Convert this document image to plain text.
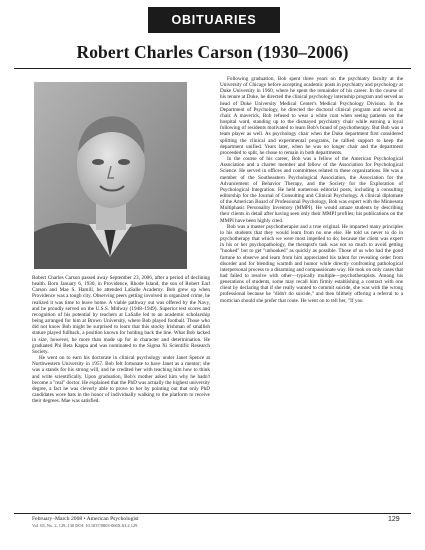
OBITUARIES
Robert Charles Carson (1930–2006)

Robert Charles Carson passed away September 23, 2006, after a period of declining health. Born January 6, 1930, in Providence, Rhode Island, the son of Robert Earl Carson and Mae S. Hamill, he attended LaSalle Academy. Bob grew up when Providence was a tough city. Observing peers getting involved in organized crime, he realized it was time to leave home. A viable pathway out was offered by the Navy, and he proudly served on the U.S.S. Midway (1948–1949). Superior test scores and recognition of his potential by teachers at LaSalle led to an academic scholarship being arranged for him at Brown University, where Bob played football. Those who did not know Bob might be surprised to learn that this stocky Irishman of smallish stature played fullback, a position known for holding back the line. What Bob lacked in size, however, he more than made up for in character and determination. He graduated Phi Beta Kappa and was nominated to the Sigma Xi Scientific Research Society.

He went on to earn his doctorate in clinical psychology under Janet Spence at Northwestern University in 1957. Bob felt fortunate to have Janet as a mentor; she was a stands for his strong will, and he credited her with teaching him how to think and write scientifically. Upon graduation, Bob's mother asked him why he hadn't become a "real" doctor. He explained that the PhD was actually the highest university degree, a fact he was cleverly able to prove to her by pointing out that only PhD candidates wore hats in the honor of individually walking to the platform to receive their degrees. Mae was satisfied.

Following graduation, Bob spent three years on the psychiatry faculty at the University of Chicago before accepting academic posts in psychiatry and psychology at Duke University in 1960, where he spent the remainder of his career. In the course of his tenure at Duke, he directed the clinical psychology internship program and served as head of Duke University Medical Center's Medical Psychology Division. In the Department of Psychology, he directed the doctoral clinical program and served as chair. A maverick, Bob refused to wear a white coat when seeing patients on the hospital ward, standing up to the dismayed psychiatry chair while earning a loyal following of residents motivated to learn Bob's brand of psychotherapy. But Bob was a team player as well. As psychology chair when the Duke department first considered splitting the clinical and experimental programs, he rallied support to keep the department unified. Years later, when he was no longer chair and the department proceeded to split, he chose to remain in both departments.

In the course of his career, Bob was a fellow of the American Psychological Association and a charter member and fellow of the Association for Psychological Science. He served in offices and committees related to these organizations. He was a member of the Southeastern Psychological Association, the Association for the Advancement of Behavior Therapy, and the Society for the Exploration of Psychological Integration. He held numerous editorial posts, including a consulting editorship for the Journal of Consulting and Clinical Psychology. A clinical diplomate of the American Board of Professional Psychology, Bob was expert with the Minnesota Multiphasic Personality Inventory (MMPI). He would amaze students by describing their clients in detail after having seen only their MMPI profiles; his publications on the MMPI have been highly cited.

Bob was a master psychotherapist and a true original. He imparted many principles to his students that they would learn from no one else. He told us never to do in psychotherapy that which we were most impelled to do; because the client was expert in his or her psychopathology, the therapist's task was not so much to avoid getting "hooked" but to get "unhooked" as quickly as possible. Those of us who had the good fortune to observe and learn from him appreciated his talent for revealing order from disorder and for blending warmth and humor while directly confronting pathological interpersonal process to a disarming and compassionate way. He took on only cases that had failed to resolve with other—typically multiple—psychotherapists. Among his generations of students, some may recall him firmly establishing a contract with one client by declaring that if she really wanted to commit suicide, she was with the wrong professional because he "didn't do suicide," and then blithely offering a referral to a mortician should she prefer that route. He went on to tell her, "If you

February–March 2008 • American Psychologist
Vol. 63, No. 2, 129–130 DOI: 10.1037/0003-066X.63.2.129
129
